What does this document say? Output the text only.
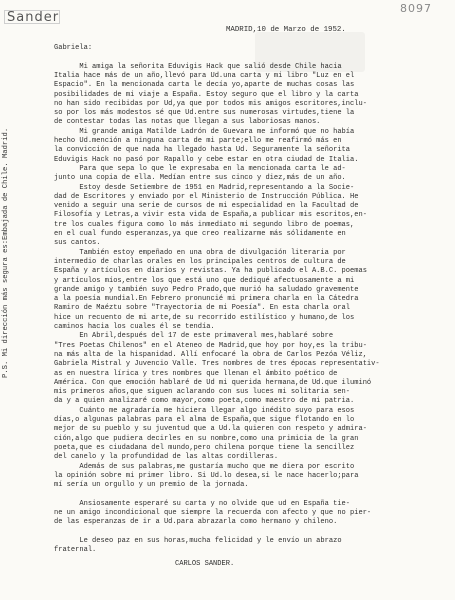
Sander
8097
MADRID,10 de Marzo de 1952.
P.S. Mi dirección más segura es:Embajada de Chile. Madrid.
Gabriela:
Mi amiga la señorita Eduvigis Hack que salió desde Chile hacia
Italia hace más de un año,llevó para Ud.una carta y mi libro "Luz en el
Espacio". En la mencionada carta le decía yo,aparte de muchas cosas las
posibilidades de mi viaje a España. Estoy seguro que el libro y la carta
no han sido recibidas por Ud,ya que por todos mis amigos escritores,inclu-
so por los más modestos sé que Ud.entre sus numerosas virtudes,tiene la
de contestar todas las notas que llegan a sus laboriosas manos.
Mi grande amiga Matilde Ladrón de Guevara me informó que no había
hecho Ud.mención a ninguna carta de mi parte;ello me reafirmó más en
la convicción de que nada ha llegado hasta Ud. Seguramente la señorita
Eduvigis Hack no pasó por Rapallo y cebe estar en otra ciudad de Italia.
Para que sepa lo que le expresaba en la mencionada carta le ad-
junto una copia de ella. Medían entre sus cinco y diez,más de un año.
Estoy desde Setiembre de 1951 en Madrid,representando a la Socie-
dad de Escritores y enviado por el Ministerio de Instrucción Pública. He
venido a seguir una serie de cursos de mi especialidad en la Facultad de
Filosofía y Letras,a vivir esta vida de España,a publicar mis escritos,en-
tre los cuales figura como lo más inmediato mi segundo libro de poemas,
en el cual fundo esperanzas,ya que creo realizarme más sólidamente en
sus cantos.
También estoy empeñado en una obra de divulgación literaria por
intermedio de charlas orales en los principales centros de cultura de
España y artículos en diarios y revistas. Ya ha publicado el A.B.C. poemas
y artículos míos,entre los que está uno que dediqué afectuosamente a mi
grande amigo y también suyo Pedro Prado,que murió ha saludado gravemente
a la poesía mundial.En Febrero pronuncié mi primera charla en la Cátedra
Ramiro de Maéztu sobre "Trayectoria de mi Poesía". En esta charla oral
hice un recuento de mi arte,de su recorrido estilístico y humano,de los
caminos hacia los cuales él se tendía.
En Abril,después del 17 de este primaveral mes,hablaré sobre
"Tres Poetas Chilenos" en el Ateneo de Madrid,que hoy por hoy,es la tribu-
na más alta de la hispanidad. Allí enfocaré la obra de Carlos Pezóa Véliz,
Gabriela Mistral y Juvencio Valle. Tres nombres de tres épocas representativ-
as en nuestra lírica y tres nombres que llenan el ámbito poético de
América. Con que emoción hablaré de Ud mi querida hermana,de Ud.que iluminó
mis primeros años,que siguen aclarando con sus luces mi solitaria sen-
da y a quien analizaré como mayor,como poeta,como maestro de mi patria.
Cuánto me agradaría me hiciera llegar algo inédito suyo para esos
días,o algunas palabras para el alma de España,que sigue flotando en lo
mejor de su pueblo y su juventud que a Ud.la quieren con respeto y admira-
ción,algo que pudiera decirles en su nombre,como una primicia de la gran
poeta,que es ciudadana del mundo,pero chilena porque tiene la sencillez
del canelo y la profundidad de las altas cordilleras.
Además de sus palabras,me gustaría mucho que me diera por escrito
la opinión sobre mi primer libro. Si Ud.lo desea,si le nace hacerlo;para
mí sería un orgullo y un premio de la jornada.
Ansiosamente esperaré su carta y no olvide que ud en España tie-
ne un amigo incondicional que siempre la recuerda con afecto y que no pier-
de las esperanzas de ir a Ud.para abrazarla como hermano y chileno.
Le deseo paz en sus horas,mucha felicidad y le envío un abrazo
fraternal.
CARLOS SANDER.
